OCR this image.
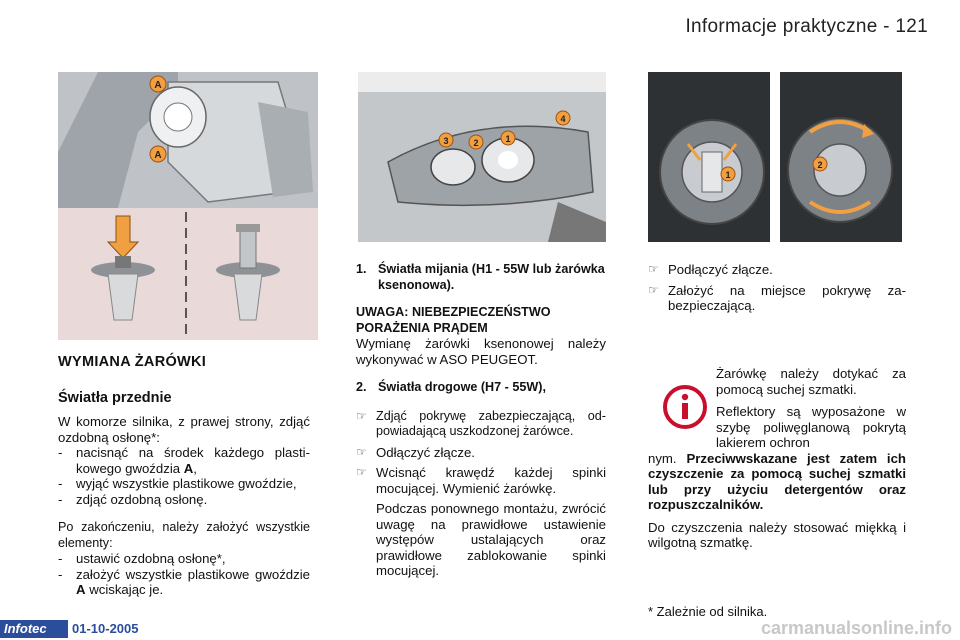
Informacje praktyczne - 121
A
A
3	2	1
4
1
2
WYMIANA ŻARÓWKI
Światła przednie
W komorze silnika, z prawej strony, zdjąć ozdobną osłonę*:
- nacisnąć na środek każdego plastikowego gwoździa A,
- wyjąć wszystkie plastikowe gwoździe,
- zdjąć ozdobną osłonę.
Po zakończeniu, należy założyć wszystkie elementy:
- ustawić ozdobną osłonę*,
- założyć wszystkie plastikowe gwoździe A wciskając je.
1. Światła mijania (H1 - 55W lub żarówka ksenonowa).
UWAGA: NIEBEZPIECZEŃSTWO PORAŻENIA PRĄDEM
Wymianę żarówki ksenonowej należy wykonywać w ASO PEUGEOT.
2. Światła drogowe (H7 - 55W),
☞ Zdjąć pokrywę zabezpieczającą, odpowiadającą uszkodzonej żarówce.
☞ Odłączyć złącze.
☞ Wcisnąć krawędź każdej spinki mocującej. Wymienić żarówkę.
Podczas ponownego montażu, zwrócić uwagę na prawidłowe ustawienie występów ustalających oraz prawidłowe zablokowanie spinki mocującej.
☞ Podłączyć złącze.
☞ Założyć na miejsce pokrywę zabezpieczającą.
Żarówkę należy dotykać za pomocą suchej szmatki.
Reflektory są wyposażone w szybę poliwęglanową pokrytą lakierem ochron
nym. Przeciwwskazane jest zatem ich czyszczenie za pomocą suchej szmatki lub przy użyciu detergentów oraz rozpuszczalników.
Do czyszczenia należy stosować miękką i wilgotną szmatkę.
* Zależnie od silnika.
Infotec	01-10-2005	carmanualsonline.info
